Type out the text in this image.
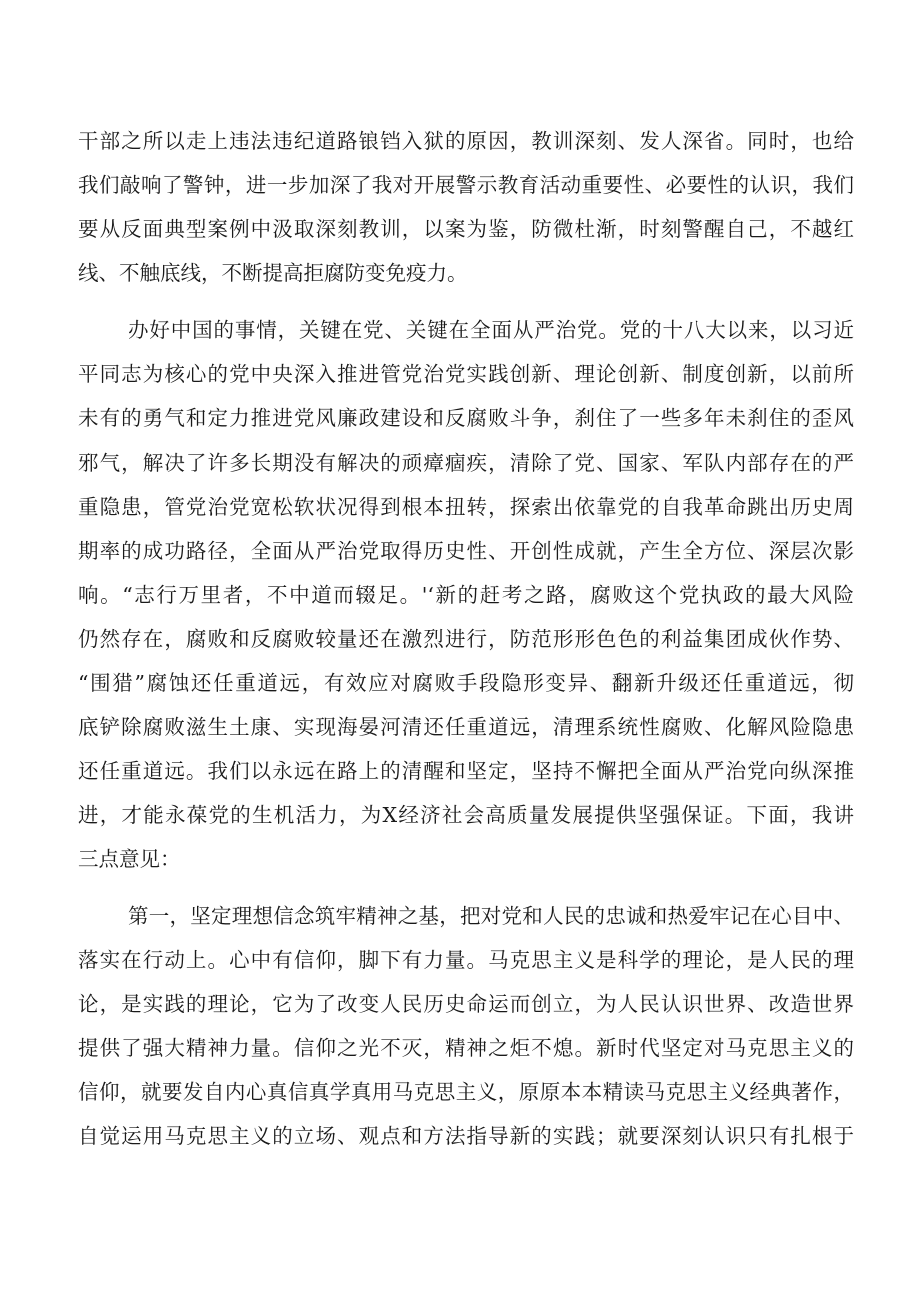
干部之所以走上违法违纪道路锒铛入狱的原因，教训深刻、发人深省。同时，也给
我们敲响了警钟，进一步加深了我对开展警示教育活动重要性、必要性的认识，我们
要从反面典型案例中汲取深刻教训，以案为鉴，防微杜渐，时刻警醒自己，不越红
线、不触底线，不断提高拒腐防变免疫力。
办好中国的事情，关键在党、关键在全面从严治党。党的十八大以来，以习近
平同志为核心的党中央深入推进管党治党实践创新、理论创新、制度创新，以前所
未有的勇气和定力推进党风廉政建设和反腐败斗争，刹住了一些多年未刹住的歪风
邪气，解决了许多长期没有解决的顽瘴痼疾，清除了党、国家、军队内部存在的严
重隐患，管党治党宽松软状况得到根本扭转，探索出依靠党的自我革命跳出历史周
期率的成功路径，全面从严治党取得历史性、开创性成就，产生全方位、深层次影
响。“志行万里者，不中道而辍足。'‘新的赶考之路，腐败这个党执政的最大风险
仍然存在，腐败和反腐败较量还在激烈进行，防范形形色色的利益集团成伙作势、
“围猎”腐蚀还任重道远，有效应对腐败手段隐形变异、翻新升级还任重道远，彻
底铲除腐败滋生土康、实现海晏河清还任重道远，清理系统性腐败、化解风险隐患
还任重道远。我们以永远在路上的清醒和坚定，坚持不懈把全面从严治党向纵深推
进，才能永葆党的生机活力，为X经济社会高质量发展提供坚强保证。下面，我讲
三点意见：
第一，坚定理想信念筑牢精神之基，把对党和人民的忠诚和热爱牢记在心目中、
落实在行动上。心中有信仰，脚下有力量。马克思主义是科学的理论，是人民的理
论，是实践的理论，它为了改变人民历史命运而创立，为人民认识世界、改造世界
提供了强大精神力量。信仰之光不灭，精神之炬不熄。新时代坚定对马克思主义的
信仰，就要发自内心真信真学真用马克思主义，原原本本精读马克思主义经典著作，
自觉运用马克思主义的立场、观点和方法指导新的实践；就要深刻认识只有扎根于
